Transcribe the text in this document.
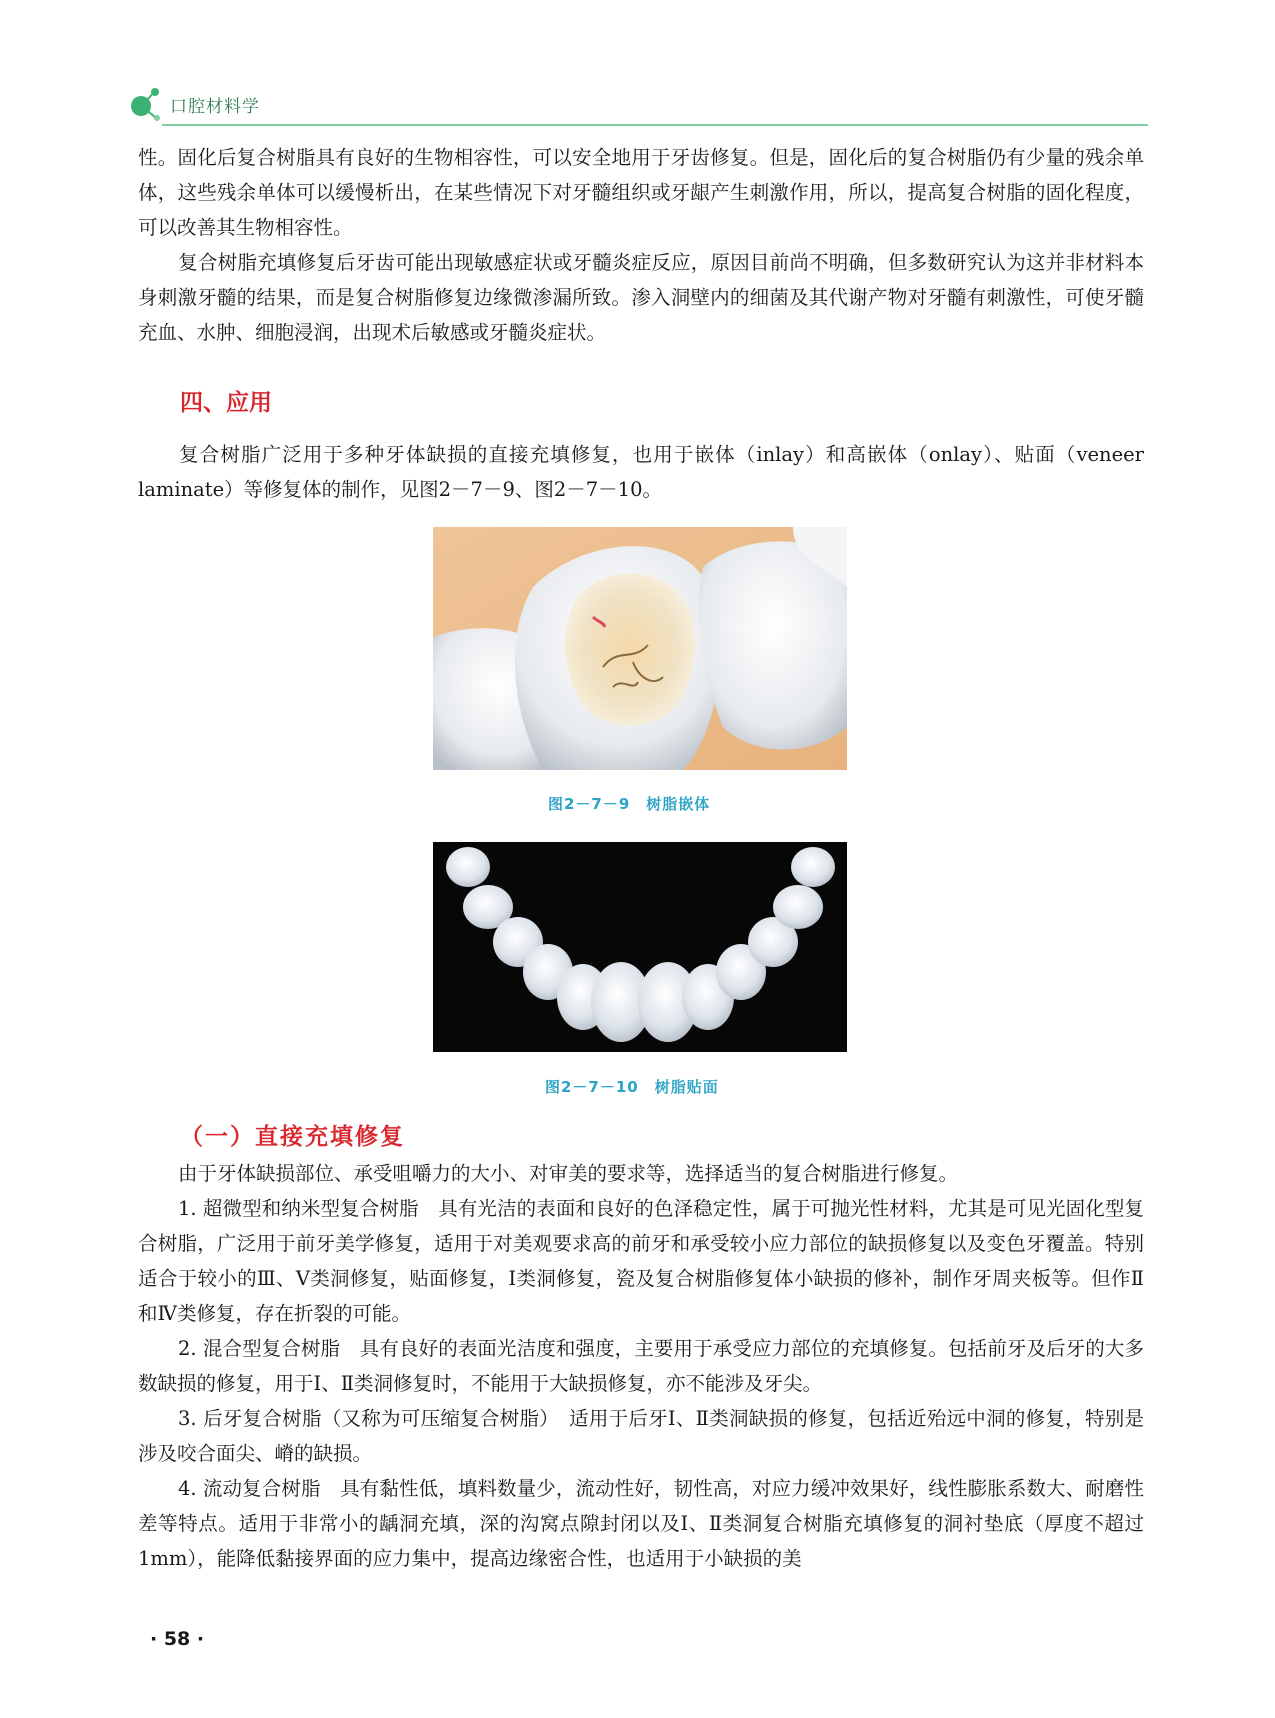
口腔材料学

性。固化后复合树脂具有良好的生物相容性，可以安全地用于牙齿修复。但是，固化后的复合树脂仍有少量的残余单体，这些残余单体可以缓慢析出，在某些情况下对牙髓组织或牙龈产生刺激作用，所以，提高复合树脂的固化程度，可以改善其生物相容性。

复合树脂充填修复后牙齿可能出现敏感症状或牙髓炎症反应，原因目前尚不明确，但多数研究认为这并非材料本身刺激牙髓的结果，而是复合树脂修复边缘微渗漏所致。渗入洞壁内的细菌及其代谢产物对牙髓有刺激性，可使牙髓充血、水肿、细胞浸润，出现术后敏感或牙髓炎症状。

四、应用

复合树脂广泛用于多种牙体缺损的直接充填修复，也用于嵌体（inlay）和高嵌体（onlay）、贴面（veneer laminate）等修复体的制作，见图2－7－9、图2－7－10。

图2－7－9　树脂嵌体
图2－7－10　树脂贴面
（一）直接充填修复

由于牙体缺损部位、承受咀嚼力的大小、对审美的要求等，选择适当的复合树脂进行修复。

1. 超微型和纳米型复合树脂　具有光洁的表面和良好的色泽稳定性，属于可抛光性材料，尤其是可见光固化型复合树脂，广泛用于前牙美学修复，适用于对美观要求高的前牙和承受较小应力部位的缺损修复以及变色牙覆盖。特别适合于较小的Ⅲ、Ⅴ类洞修复，贴面修复，Ⅰ类洞修复，瓷及复合树脂修复体小缺损的修补，制作牙周夹板等。但作Ⅱ和Ⅳ类修复，存在折裂的可能。

2. 混合型复合树脂　具有良好的表面光洁度和强度，主要用于承受应力部位的充填修复。包括前牙及后牙的大多数缺损的修复，用于Ⅰ、Ⅱ类洞修复时，不能用于大缺损修复，亦不能涉及牙尖。

3. 后牙复合树脂（又称为可压缩复合树脂）　适用于后牙Ⅰ、Ⅱ类洞缺损的修复，包括近殆远中洞的修复，特别是涉及咬合面尖、嵴的缺损。

4. 流动复合树脂　具有黏性低，填料数量少，流动性好，韧性高，对应力缓冲效果好，线性膨胀系数大、耐磨性差等特点。适用于非常小的龋洞充填，深的沟窝点隙封闭以及Ⅰ、Ⅱ类洞复合树脂充填修复的洞衬垫底（厚度不超过1mm），能降低黏接界面的应力集中，提高边缘密合性，也适用于小缺损的美

· 58 ·
